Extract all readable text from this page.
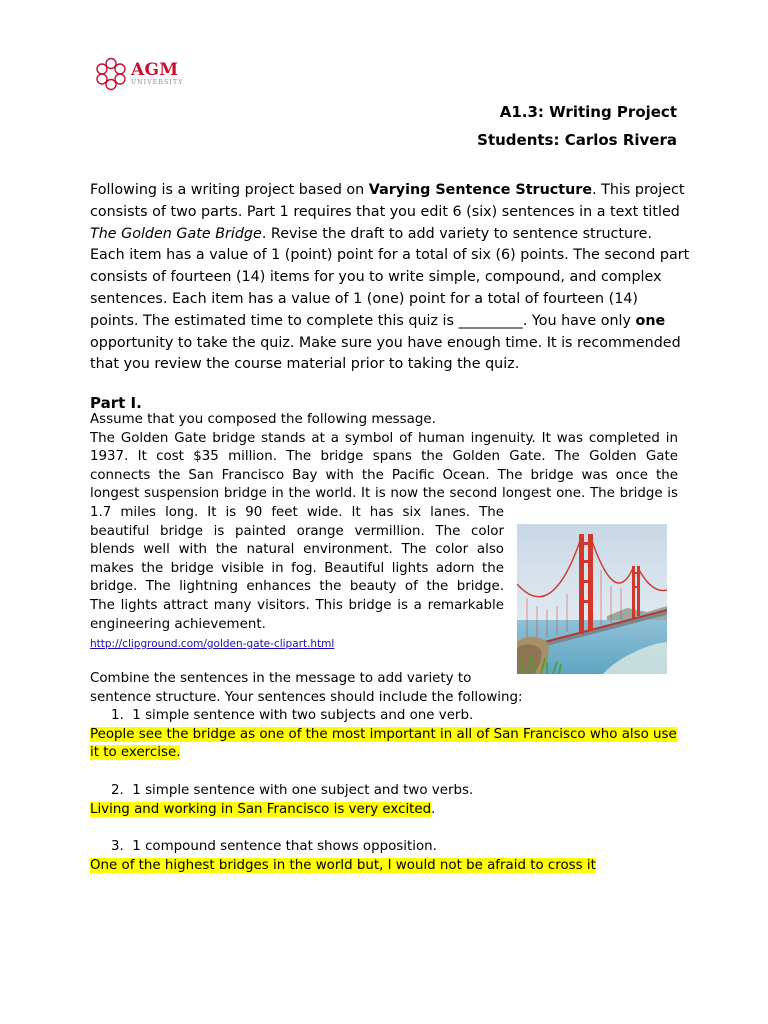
AGM
UNIVERSITY
A1.3: Writing Project
Students: Carlos Rivera
Following is a writing project based on Varying Sentence Structure. This project consists of two parts. Part 1 requires that you edit 6 (six) sentences in a text titled The Golden Gate Bridge. Revise the draft to add variety to sentence structure. Each item has a value of 1 (point) point for a total of six (6) points. The second part consists of fourteen (14) items for you to write simple, compound, and complex sentences. Each item has a value of 1 (one) point for a total of fourteen (14) points. The estimated time to complete this quiz is _________. You have only one opportunity to take the quiz. Make sure you have enough time. It is recommended that you review the course material prior to taking the quiz.
Part I.
Assume that you composed the following message.
The Golden Gate bridge stands at a symbol of human ingenuity. It was completed in
1937. It cost $35 million. The bridge spans the Golden Gate. The Golden Gate
connects the San Francisco Bay with the Pacific Ocean. The bridge was once the
longest suspension bridge in the world. It is now the second longest one. The bridge is
1.7 miles long. It is 90 feet wide. It has six lanes. The
beautiful bridge is painted orange vermillion. The color
blends well with the natural environment. The color also
makes the bridge visible in fog. Beautiful lights adorn the
bridge. The lightning enhances the beauty of the bridge.
The lights attract many visitors. This bridge is a remarkable
engineering achievement.
http://clipground.com/golden-gate-clipart.html
Combine the sentences in the message to add variety to
sentence structure. Your sentences should include the following:
1. 1 simple sentence with two subjects and one verb.
People see the bridge as one of the most important in all of San Francisco who also use
it to exercise.
2. 1 simple sentence with one subject and two verbs.
Living and working in San Francisco is very excited.
3. 1 compound sentence that shows opposition.
One of the highest bridges in the world but, I would not be afraid to cross it
